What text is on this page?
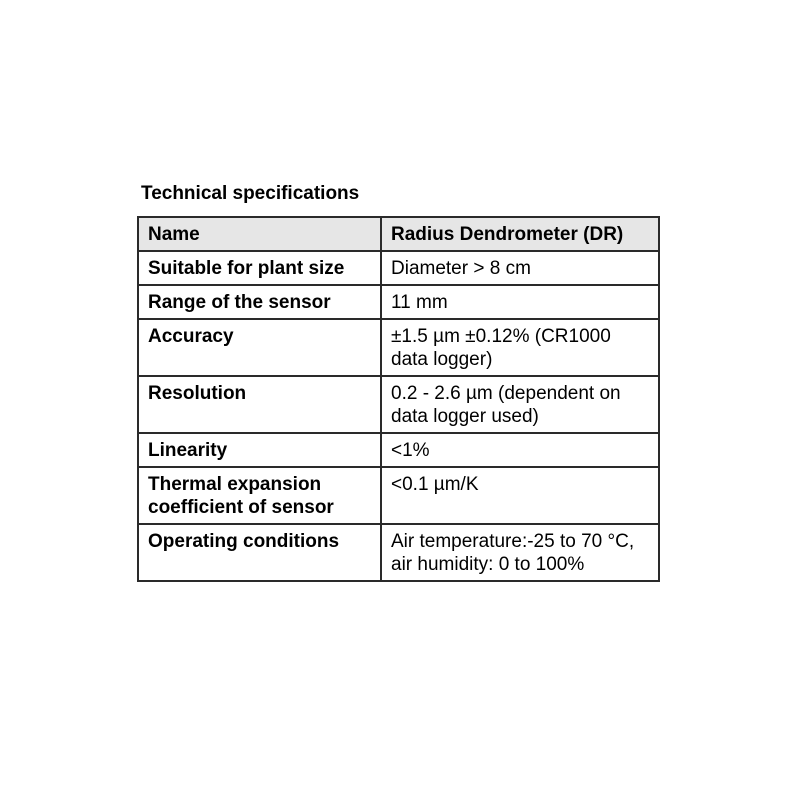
Technical specifications
Name	Radius Dendrometer (DR)
Suitable for plant size	Diameter > 8 cm
Range of the sensor	11 mm
Accuracy	±1.5 µm ±0.12% (CR1000 data logger)
Resolution	0.2 - 2.6 µm (dependent on data logger used)
Linearity	<1%
Thermal expansion coefficient of sensor	<0.1 µm/K
Operating conditions	Air temperature:-25 to 70 °C, air humidity: 0 to 100%
